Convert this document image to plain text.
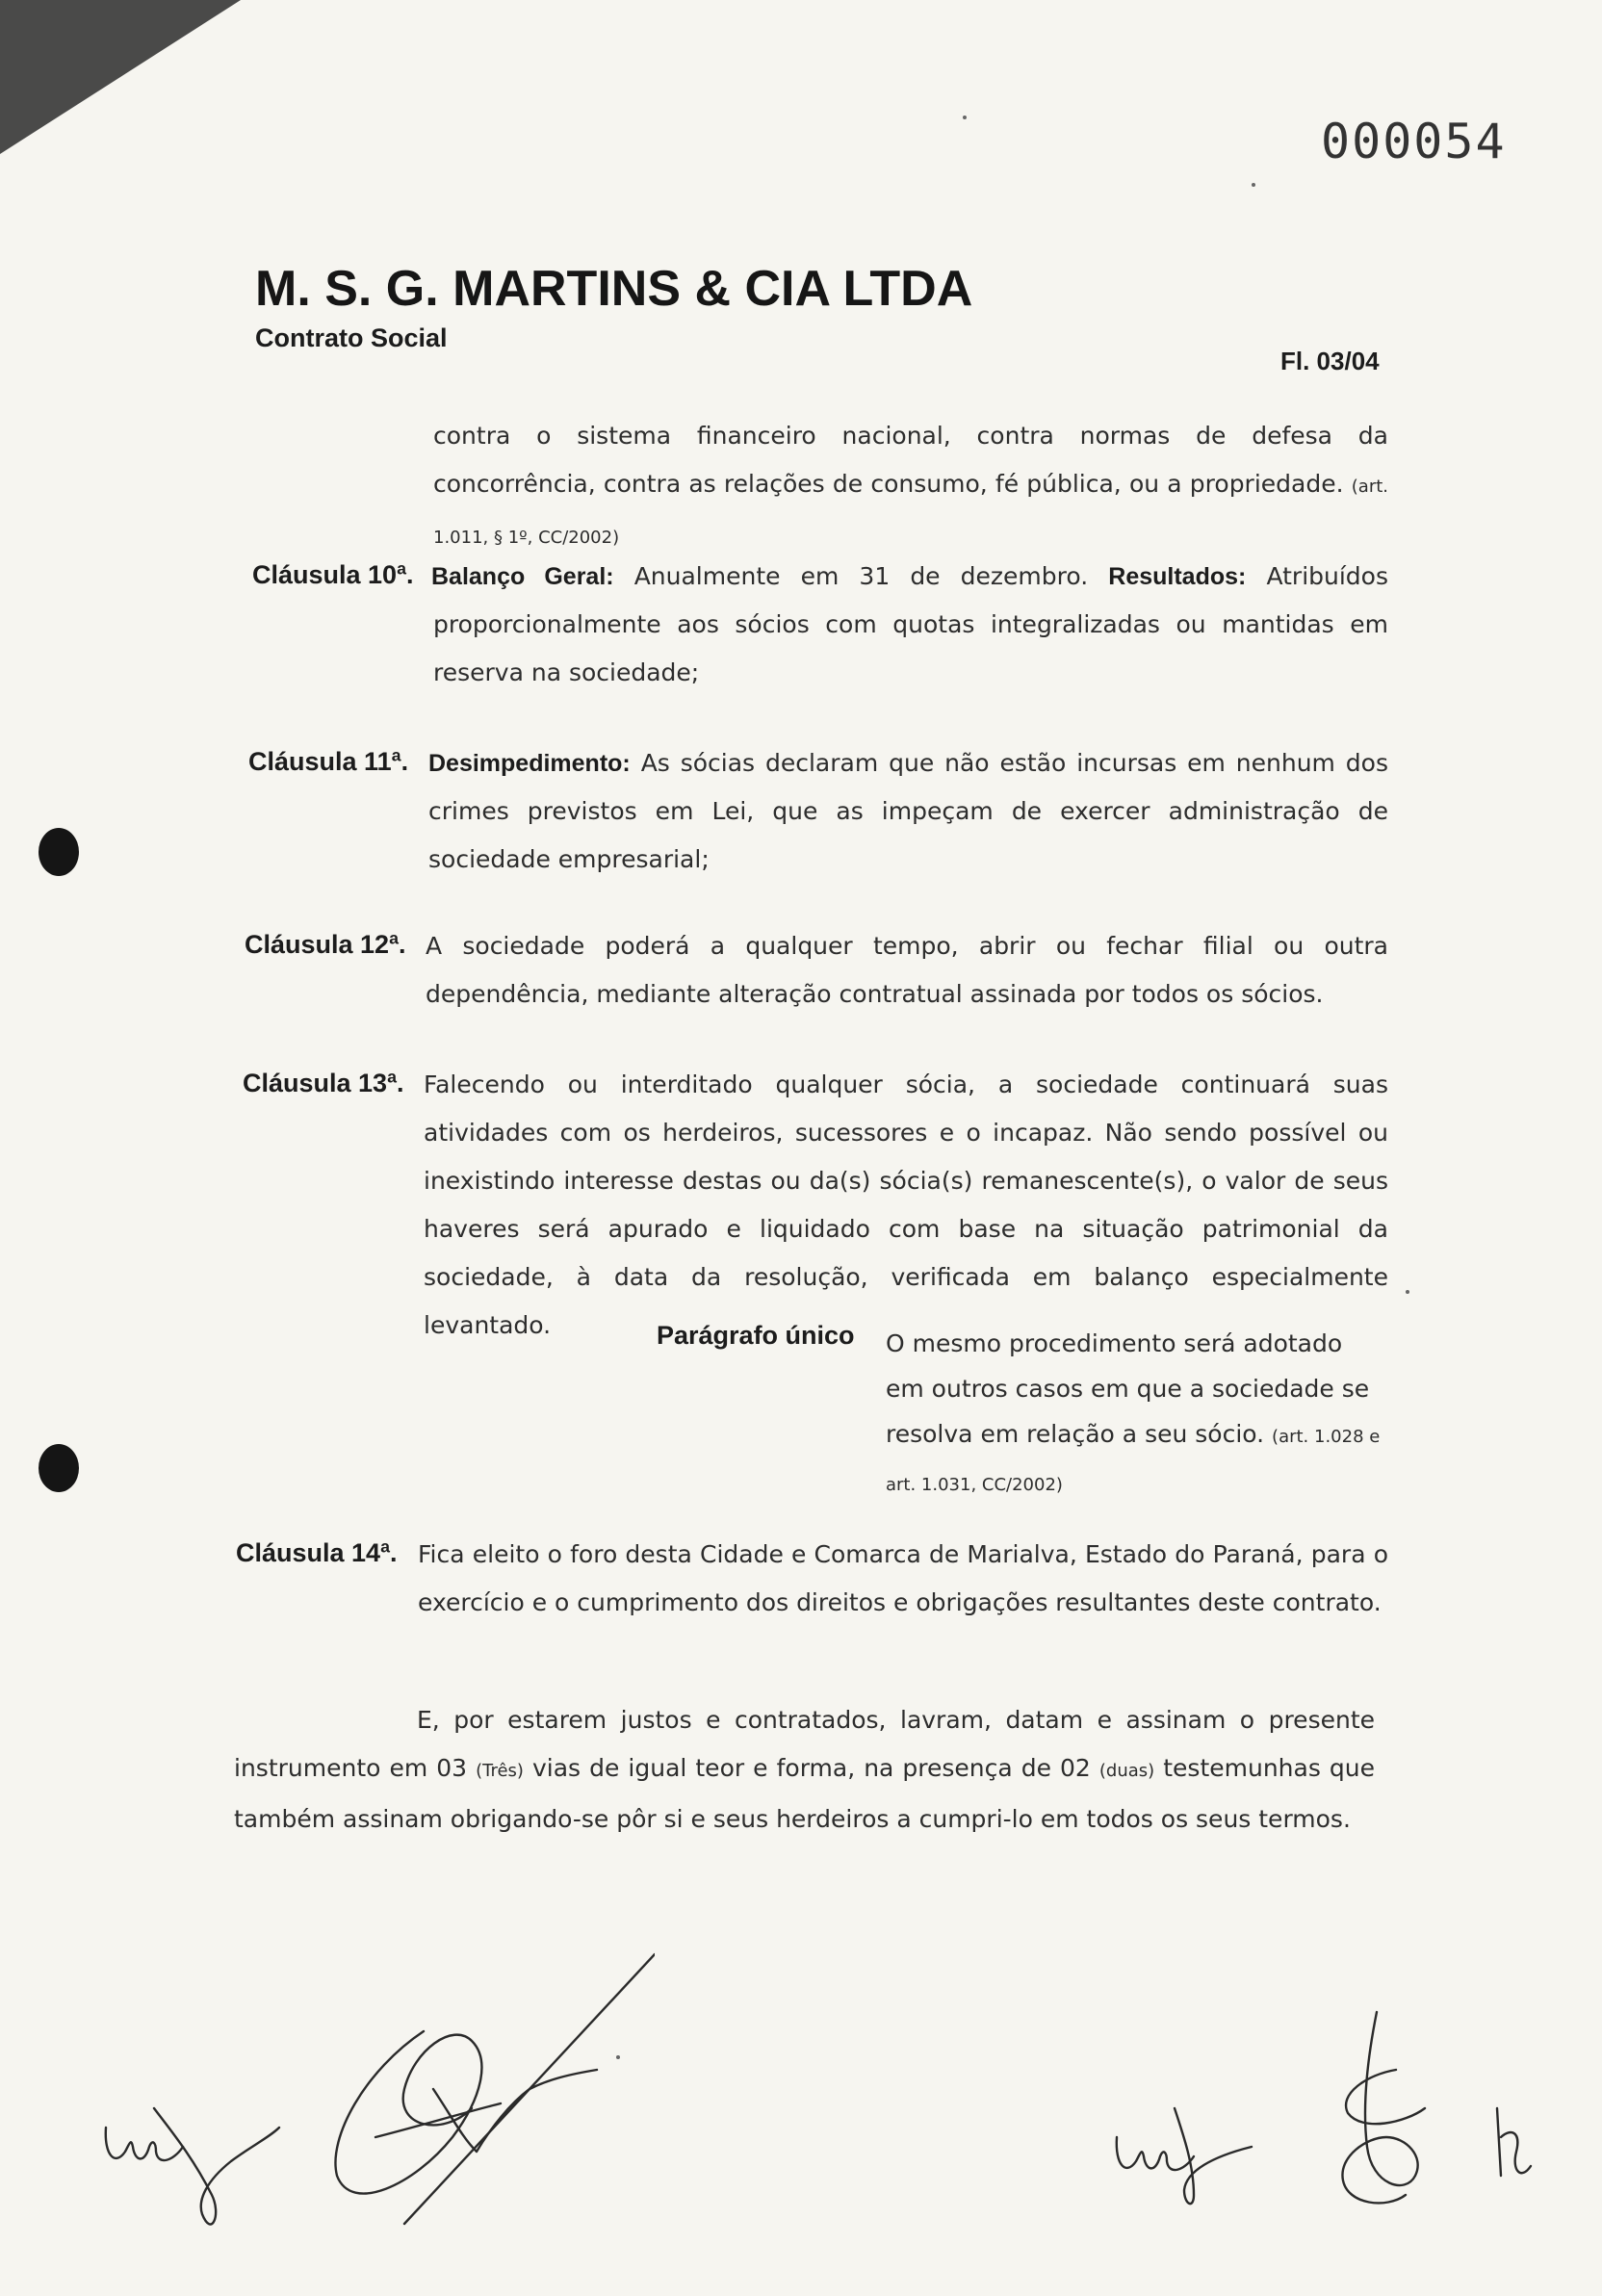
000054
M. S. G. MARTINS & CIA LTDA
Contrato Social
Fl. 03/04
contra o sistema financeiro nacional, contra normas de defesa da concorrência, contra as relações de consumo, fé pública, ou a propriedade. (art. 1.011, § 1º, CC/2002)
Cláusula 10ª. Balanço Geral: Anualmente em 31 de dezembro. Resultados: Atribuídos proporcionalmente aos sócios com quotas integralizadas ou mantidas em reserva na sociedade;
Cláusula 11ª. Desimpedimento: As sócias declaram que não estão incursas em nenhum dos crimes previstos em Lei, que as impeçam de exercer administração de sociedade empresarial;
Cláusula 12ª. A sociedade poderá a qualquer tempo, abrir ou fechar filial ou outra dependência, mediante alteração contratual assinada por todos os sócios.
Cláusula 13ª. Falecendo ou interditado qualquer sócia, a sociedade continuará suas atividades com os herdeiros, sucessores e o incapaz. Não sendo possível ou inexistindo interesse destas ou da(s) sócia(s) remanescente(s), o valor de seus haveres será apurado e liquidado com base na situação patrimonial da sociedade, à data da resolução, verificada em balanço especialmente levantado.	Parágrafo único O mesmo procedimento será adotado em outros casos em que a sociedade se resolva em relação a seu sócio. (art. 1.028 e art. 1.031, CC/2002)
Cláusula 14ª. Fica eleito o foro desta Cidade e Comarca de Marialva, Estado do Paraná, para o exercício e o cumprimento dos direitos e obrigações resultantes deste contrato.
E, por estarem justos e contratados, lavram, datam e assinam o presente instrumento em 03 (Três) vias de igual teor e forma, na presença de 02 (duas) testemunhas que também assinam obrigando-se pôr si e seus herdeiros a cumpri-lo em todos os seus termos.
